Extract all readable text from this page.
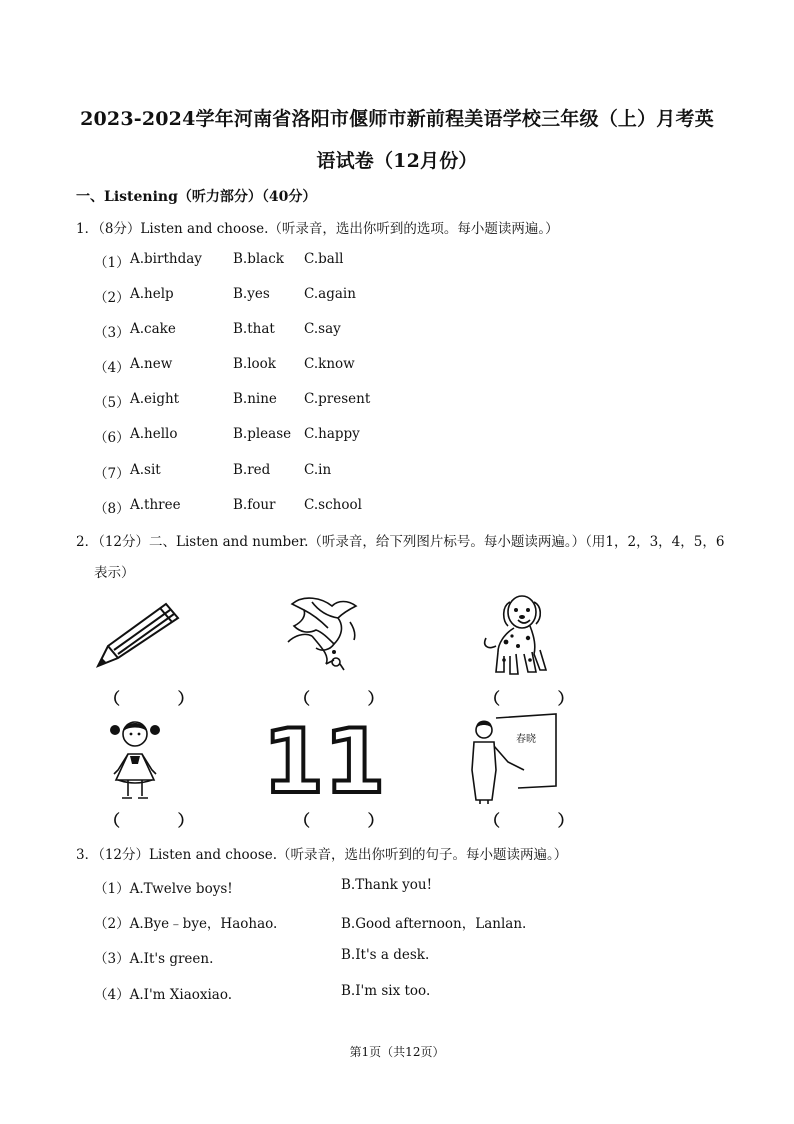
2023-2024学年河南省洛阳市偃师市新前程美语学校三年级（上）月考英
语试卷（12月份）
一、Listening（听力部分）（40分）
1．（8分）Listen and choose.（听录音，选出你听到的选项。每小题读两遍。）
（1） A.birthday B.black C.ball
（2） A.help	B.yes	C.again
（3） A.cake	B.that C.say
（4） A.new	B.look C.know
（5） A.eight	B.nine C.present
（6） A.hello	B.please C.happy
（7） A.sit	B.red C.in
（8） A.three	B.four C.school
2．（12分）二、Listen and number.（听录音，给下列图片标号。每小题读两遍。）（用1，2，3，4，5，6
表示）
（ ）	（ ）	（ ）
11	春晓
（ ）	（ ）	（ ）
3．（12分）Listen and choose.（听录音，选出你听到的句子。每小题读两遍。）
（1）A.Twelve boys!	B.Thank you!
（2）A.Bye﹣bye，Haohao.	B.Good afternoon，Lanlan.
（3）A.It's green.	B.It's a desk.
（4）A.I'm Xiaoxiao.	B.I'm six too.
第1页（共12页）
